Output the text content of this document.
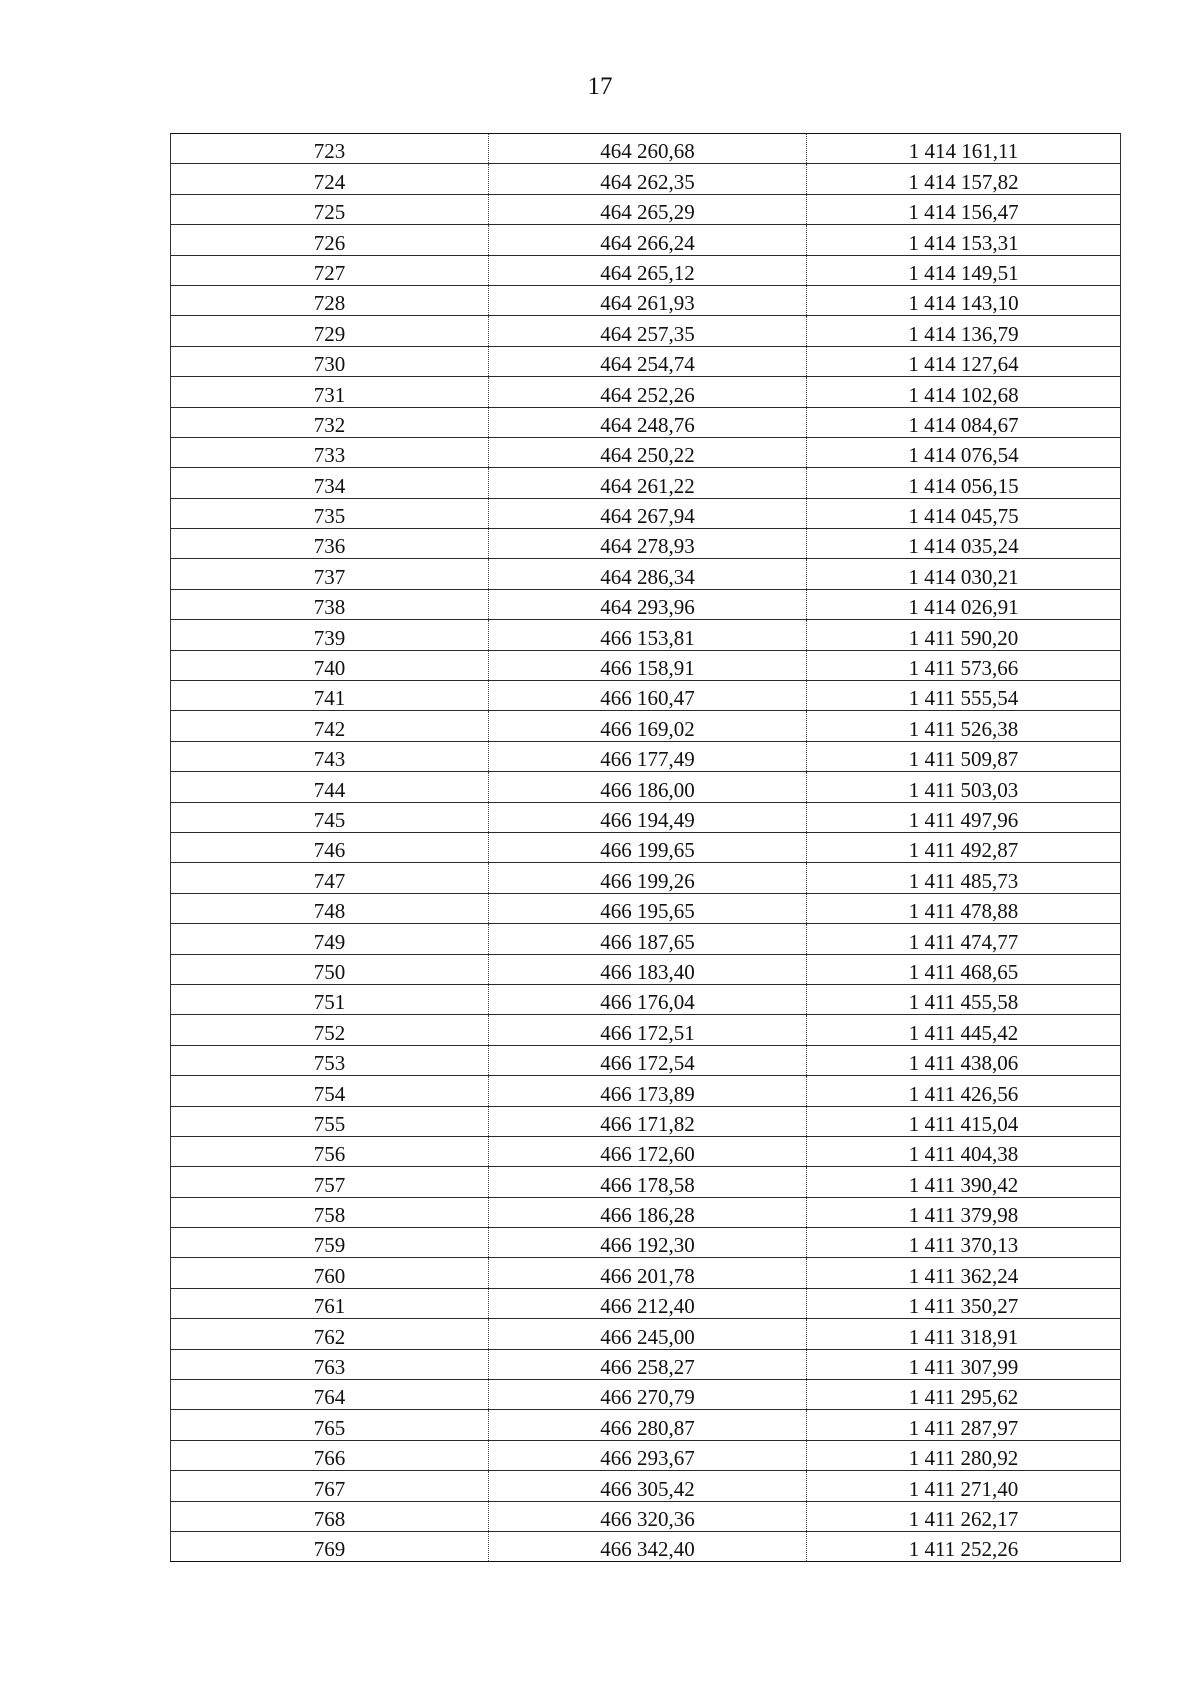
17
723	464 260,68	1 414 161,11
724	464 262,35	1 414 157,82
725	464 265,29	1 414 156,47
726	464 266,24	1 414 153,31
727	464 265,12	1 414 149,51
728	464 261,93	1 414 143,10
729	464 257,35	1 414 136,79
730	464 254,74	1 414 127,64
731	464 252,26	1 414 102,68
732	464 248,76	1 414 084,67
733	464 250,22	1 414 076,54
734	464 261,22	1 414 056,15
735	464 267,94	1 414 045,75
736	464 278,93	1 414 035,24
737	464 286,34	1 414 030,21
738	464 293,96	1 414 026,91
739	466 153,81	1 411 590,20
740	466 158,91	1 411 573,66
741	466 160,47	1 411 555,54
742	466 169,02	1 411 526,38
743	466 177,49	1 411 509,87
744	466 186,00	1 411 503,03
745	466 194,49	1 411 497,96
746	466 199,65	1 411 492,87
747	466 199,26	1 411 485,73
748	466 195,65	1 411 478,88
749	466 187,65	1 411 474,77
750	466 183,40	1 411 468,65
751	466 176,04	1 411 455,58
752	466 172,51	1 411 445,42
753	466 172,54	1 411 438,06
754	466 173,89	1 411 426,56
755	466 171,82	1 411 415,04
756	466 172,60	1 411 404,38
757	466 178,58	1 411 390,42
758	466 186,28	1 411 379,98
759	466 192,30	1 411 370,13
760	466 201,78	1 411 362,24
761	466 212,40	1 411 350,27
762	466 245,00	1 411 318,91
763	466 258,27	1 411 307,99
764	466 270,79	1 411 295,62
765	466 280,87	1 411 287,97
766	466 293,67	1 411 280,92
767	466 305,42	1 411 271,40
768	466 320,36	1 411 262,17
769	466 342,40	1 411 252,26
